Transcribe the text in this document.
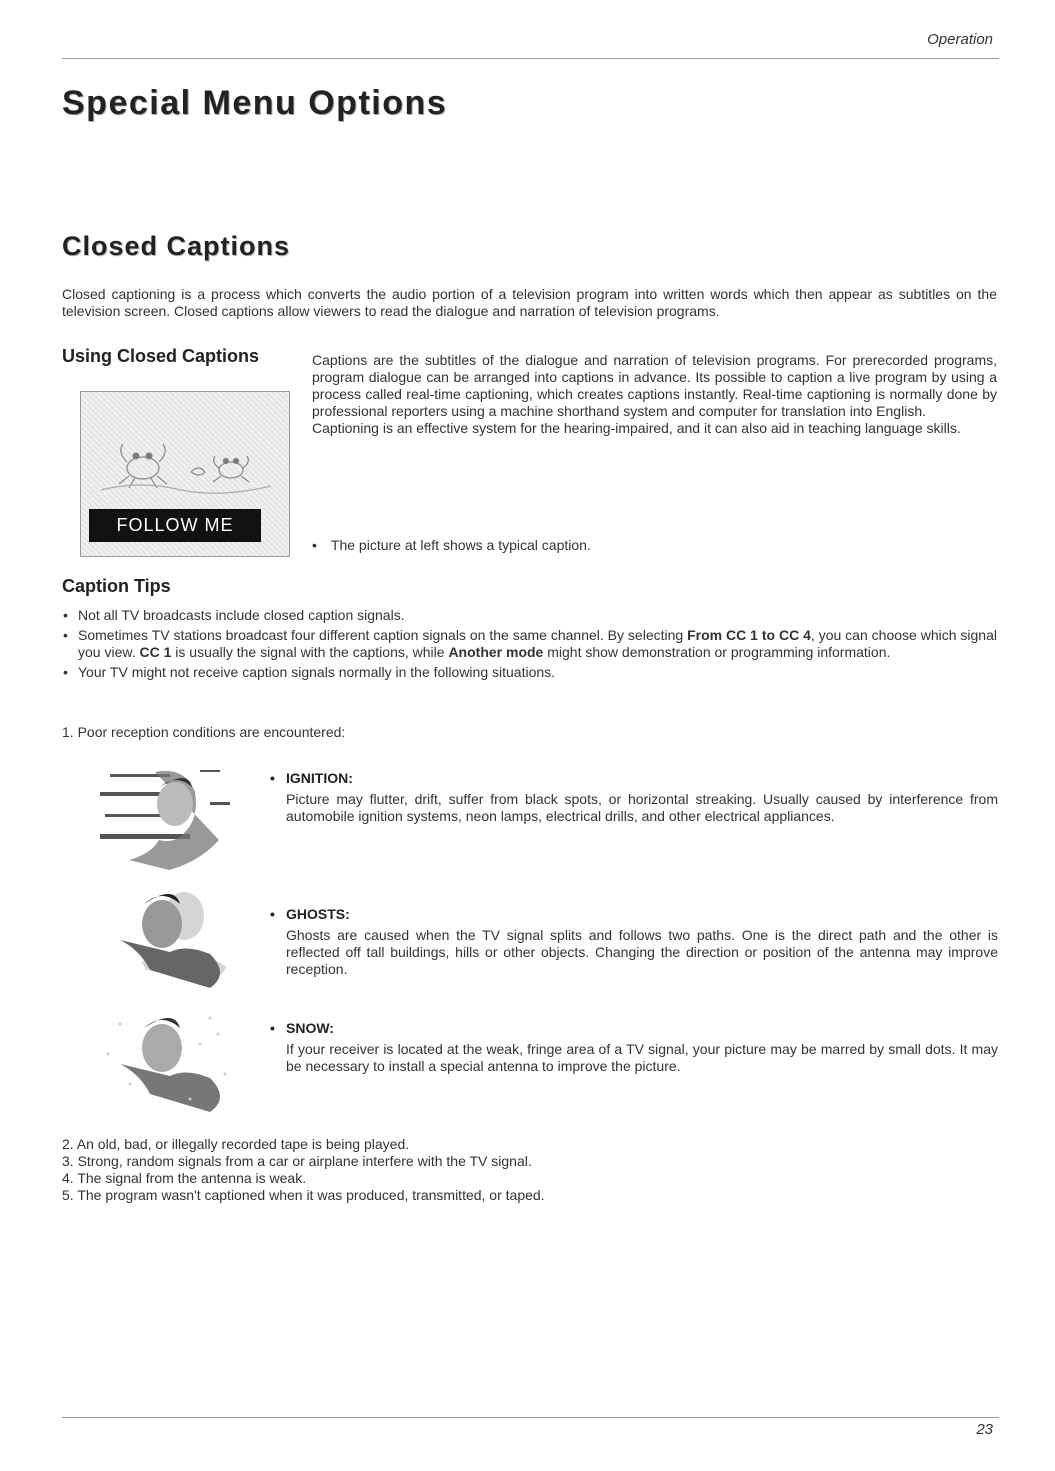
Operation
Special Menu Options
Closed Captions
Closed captioning is a process which converts the audio portion of a television program into written words which then appear as subtitles on the television screen. Closed captions allow viewers to read the dialogue and narration of television programs.
Using Closed Captions
FOLLOW ME
Captions are the subtitles of the dialogue and narration of television programs. For prerecorded programs, program dialogue can be arranged into captions in advance. Its possible to caption a live program by using a process called real-time captioning, which creates captions instantly. Real-time captioning is normally done by professional reporters using a machine shorthand system and computer for translation into English.
Captioning is an effective system for the hearing-impaired, and it can also aid in teaching language skills.
• The picture at left shows a typical caption.
Caption Tips
• Not all TV broadcasts include closed caption signals.
• Sometimes TV stations broadcast four different caption signals on the same channel. By selecting From CC 1 to CC 4, you can choose which signal you view. CC 1 is usually the signal with the captions, while Another mode might show demonstration or programming information.
• Your TV might not receive caption signals normally in the following situations.
1. Poor reception conditions are encountered:
• IGNITION:
Picture may flutter, drift, suffer from black spots, or horizontal streaking. Usually caused by interference from automobile ignition systems, neon lamps, electrical drills, and other electrical appliances.
• GHOSTS:
Ghosts are caused when the TV signal splits and follows two paths. One is the direct path and the other is reflected off tall buildings, hills or other objects. Changing the direction or position of the antenna may improve reception.
• SNOW:
If your receiver is located at the weak, fringe area of a TV signal, your picture may be marred by small dots. It may be necessary to install a special antenna to improve the picture.
2. An old, bad, or illegally recorded tape is being played.
3. Strong, random signals from a car or airplane interfere with the TV signal.
4. The signal from the antenna is weak.
5. The program wasn't captioned when it was produced, transmitted, or taped.
23
